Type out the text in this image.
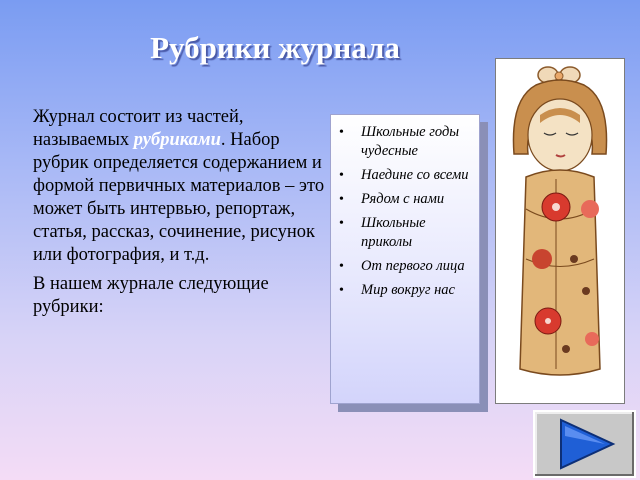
Рубрики журнала

Журнал состоит из частей, называемых рубриками. Набор рубрик определяется содержанием и формой первичных материалов – это может быть интервью, репортаж, статья, рассказ, сочинение, рисунок или фотография, и т.д.

В нашем журнале следующие рубрики:

• Школьные годы чудесные
• Наедине со всеми
• Рядом с нами
• Школьные приколы
• От первого лица
• Мир вокруг нас
